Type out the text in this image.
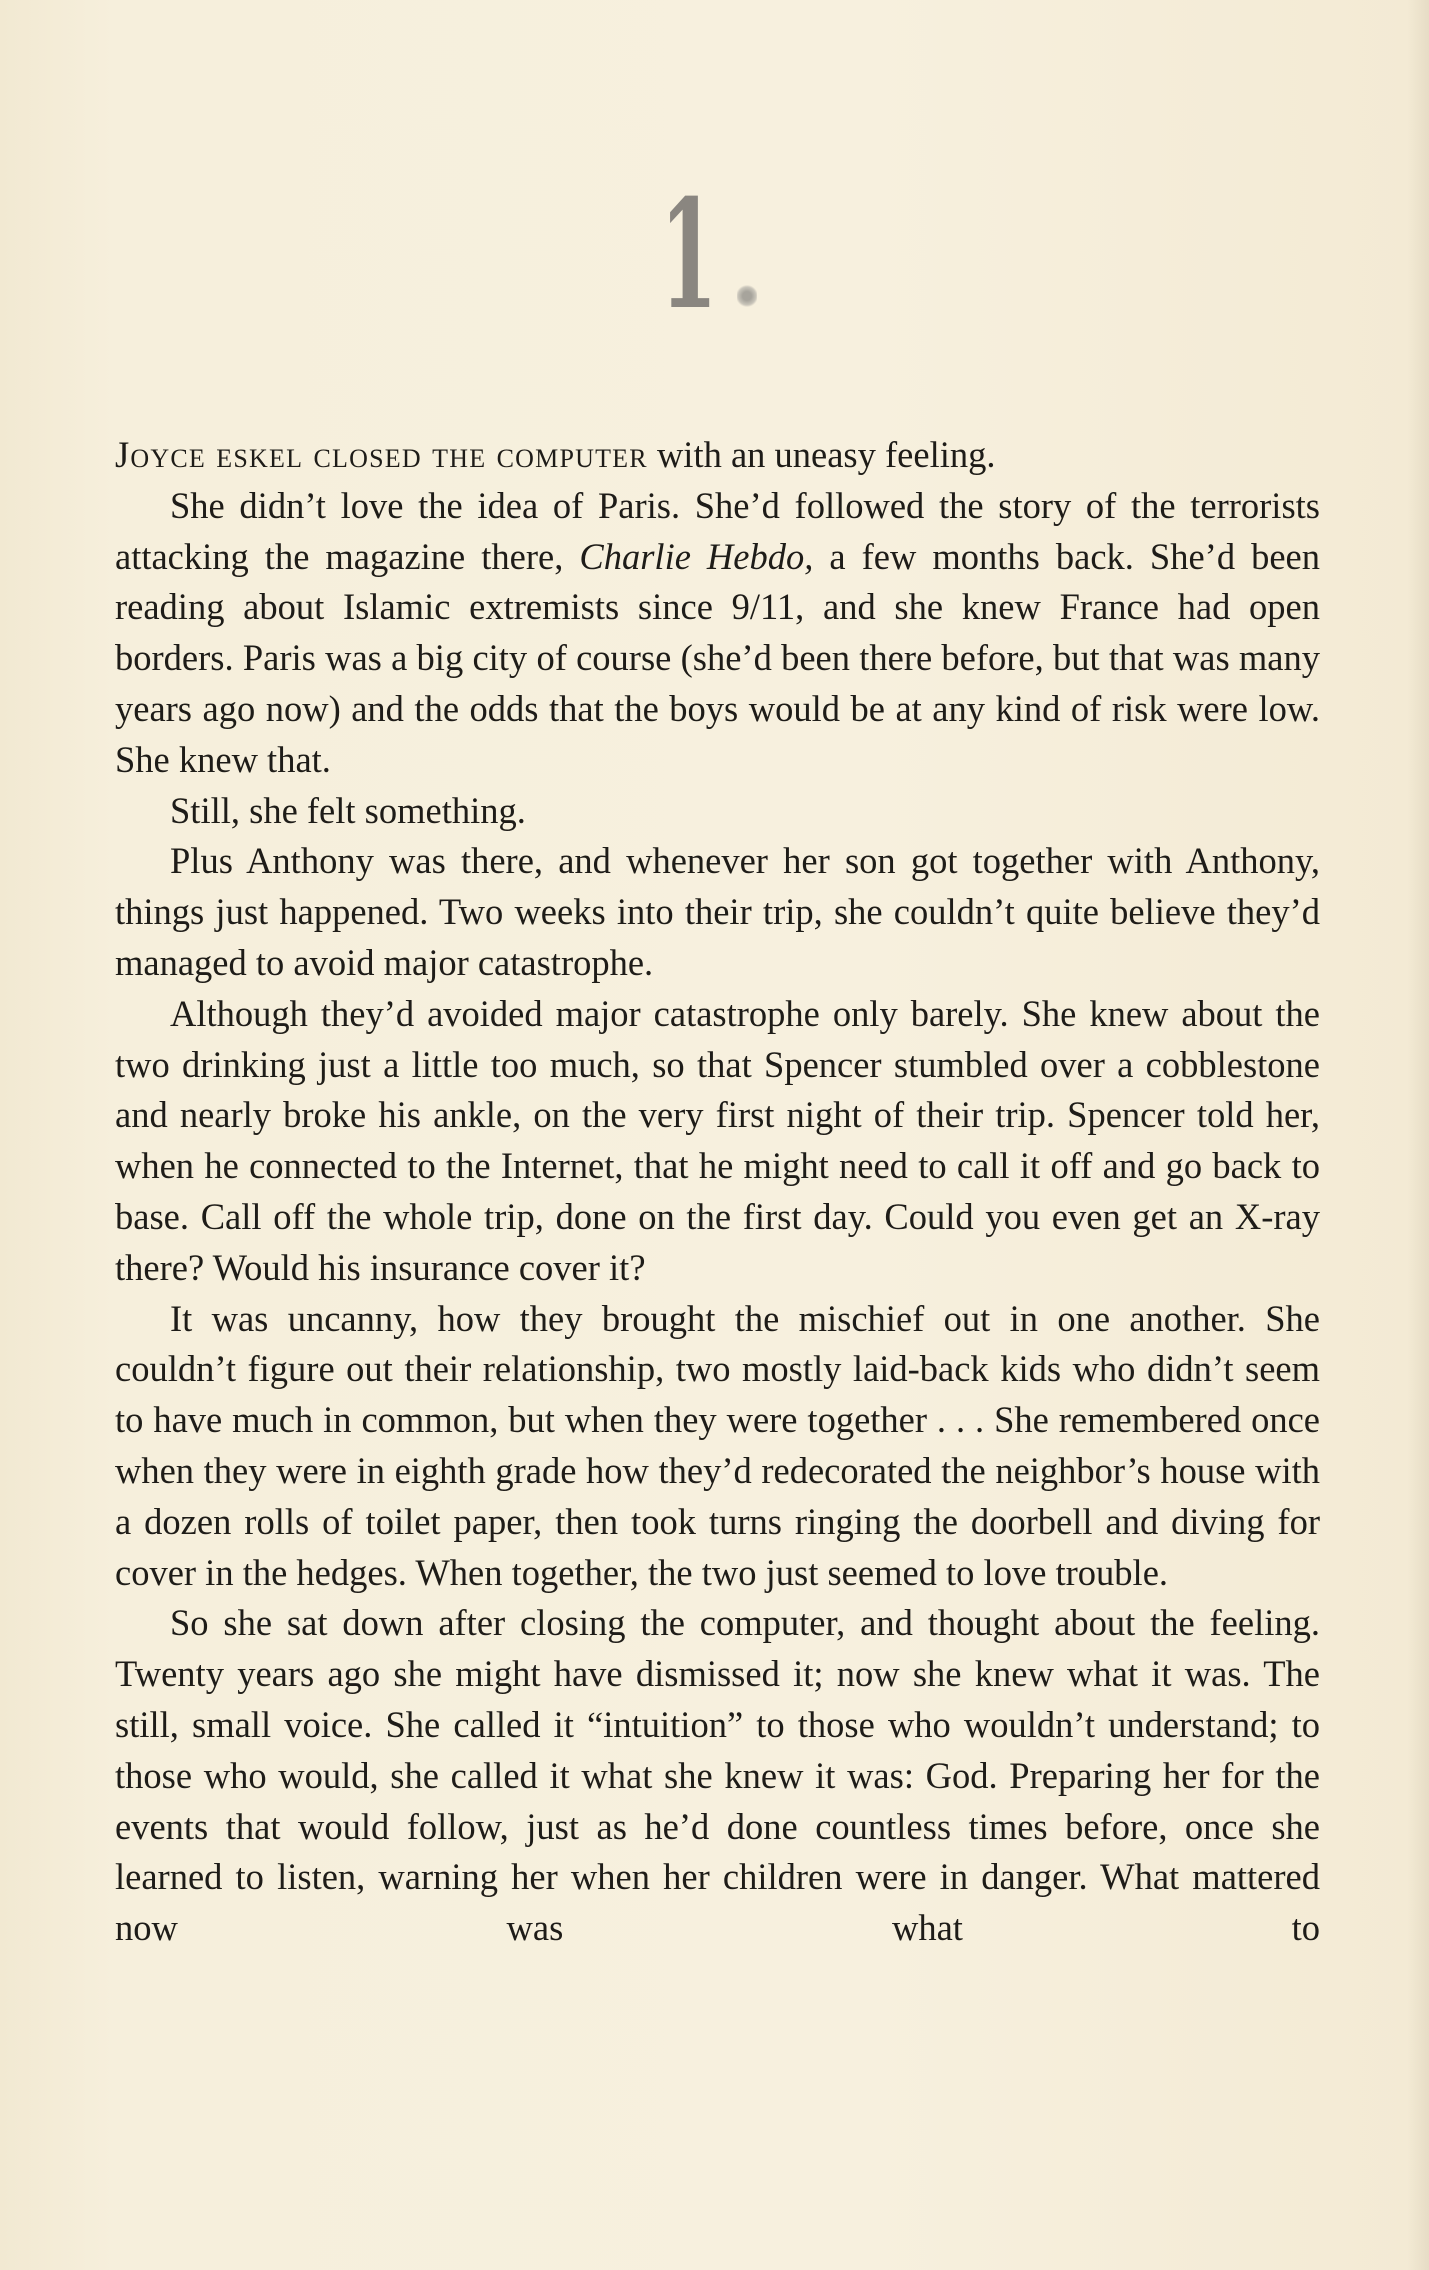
1

Joyce eskel closed the computer with an uneasy feeling.

She didn’t love the idea of Paris. She’d followed the story of the terrorists attacking the magazine there, Charlie Hebdo, a few months back. She’d been reading about Islamic extremists since 9/11, and she knew France had open borders. Paris was a big city of course (she’d been there before, but that was many years ago now) and the odds that the boys would be at any kind of risk were low. She knew that.

Still, she felt something.

Plus Anthony was there, and whenever her son got together with Anthony, things just happened. Two weeks into their trip, she couldn’t quite believe they’d managed to avoid major catastrophe.

Although they’d avoided major catastrophe only barely. She knew about the two drinking just a little too much, so that Spencer stumbled over a cobblestone and nearly broke his ankle, on the very first night of their trip. Spencer told her, when he connected to the Internet, that he might need to call it off and go back to base. Call off the whole trip, done on the first day. Could you even get an X-ray there? Would his insurance cover it?

It was uncanny, how they brought the mischief out in one another. She couldn’t figure out their relationship, two mostly laid-back kids who didn’t seem to have much in common, but when they were together . . . She remembered once when they were in eighth grade how they’d redecorated the neighbor’s house with a dozen rolls of toilet paper, then took turns ringing the doorbell and diving for cover in the hedges. When together, the two just seemed to love trouble.

So she sat down after closing the computer, and thought about the feeling. Twenty years ago she might have dismissed it; now she knew what it was. The still, small voice. She called it “intuition” to those who wouldn’t understand; to those who would, she called it what she knew it was: God. Preparing her for the events that would follow, just as he’d done countless times before, once she learned to listen, warning her when her children were in danger. What mattered now was what to
